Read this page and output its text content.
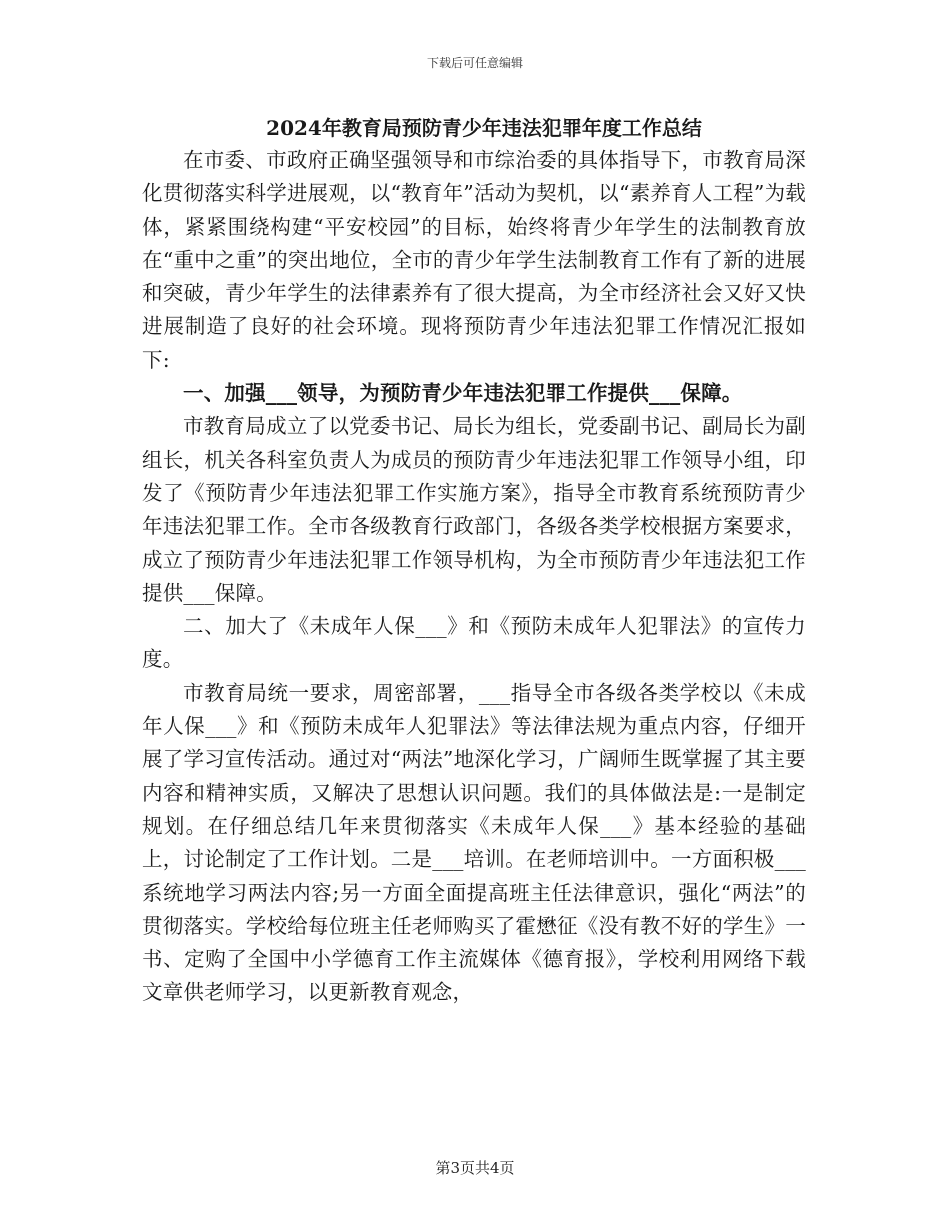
下载后可任意编辑
2024年教育局预防青少年违法犯罪年度工作总结

在市委、市政府正确坚强领导和市综治委的具体指导下，市教育局深化贯彻落实科学进展观，以“教育年”活动为契机，以“素养育人工程”为载体，紧紧围绕构建“平安校园”的目标，始终将青少年学生的法制教育放在“重中之重”的突出地位，全市的青少年学生法制教育工作有了新的进展和突破，青少年学生的法律素养有了很大提高，为全市经济社会又好又快进展制造了良好的社会环境。现将预防青少年违法犯罪工作情况汇报如下:

一、加强___领导，为预防青少年违法犯罪工作提供___保障。

市教育局成立了以党委书记、局长为组长，党委副书记、副局长为副组长，机关各科室负责人为成员的预防青少年违法犯罪工作领导小组，印发了《预防青少年违法犯罪工作实施方案》，指导全市教育系统预防青少年违法犯罪工作。全市各级教育行政部门，各级各类学校根据方案要求，成立了预防青少年违法犯罪工作领导机构，为全市预防青少年违法犯工作提供___保障。

二、加大了《未成年人保___》和《预防未成年人犯罪法》的宣传力度。

市教育局统一要求，周密部署，___指导全市各级各类学校以《未成年人保___》和《预防未成年人犯罪法》等法律法规为重点内容，仔细开展了学习宣传活动。通过对“两法”地深化学习，广阔师生既掌握了其主要内容和精神实质，又解决了思想认识问题。我们的具体做法是:一是制定规划。在仔细总结几年来贯彻落实《未成年人保___》基本经验的基础上，讨论制定了工作计划。二是___培训。在老师培训中。一方面积极___系统地学习两法内容;另一方面全面提高班主任法律意识，强化“两法”的贯彻落实。学校给每位班主任老师购买了霍懋征《没有教不好的学生》一书、定购了全国中小学德育工作主流媒体《德育报》，学校利用网络下载文章供老师学习，以更新教育观念，

第3页共4页
